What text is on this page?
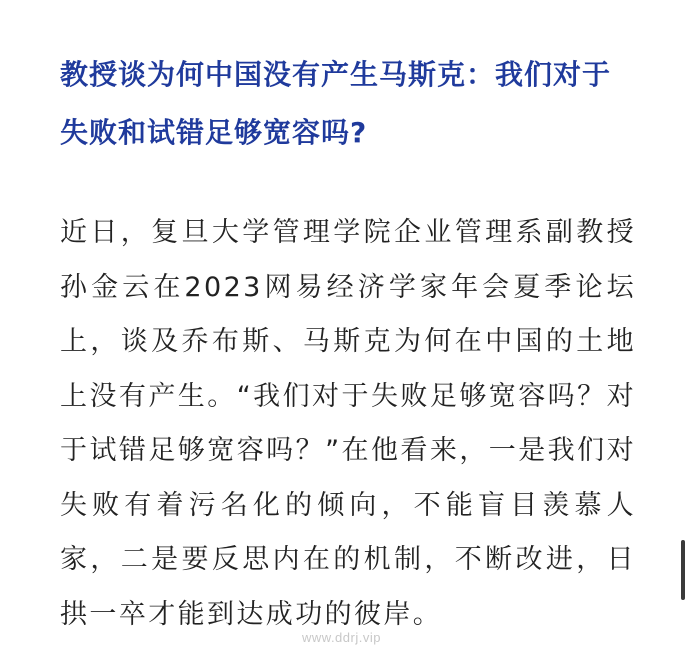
教授谈为何中国没有产生马斯克：我们对于失败和试错足够宽容吗?

近日，复旦大学管理学院企业管理系副教授孙金云在2023网易经济学家年会夏季论坛上，谈及乔布斯、马斯克为何在中国的土地上没有产生。“我们对于失败足够宽容吗？对于试错足够宽容吗？”在他看来，一是我们对失败有着污名化的倾向，不能盲目羡慕人家，二是要反思内在的机制，不断改进，日拱一卒才能到达成功的彼岸。

www.ddrj.vip
